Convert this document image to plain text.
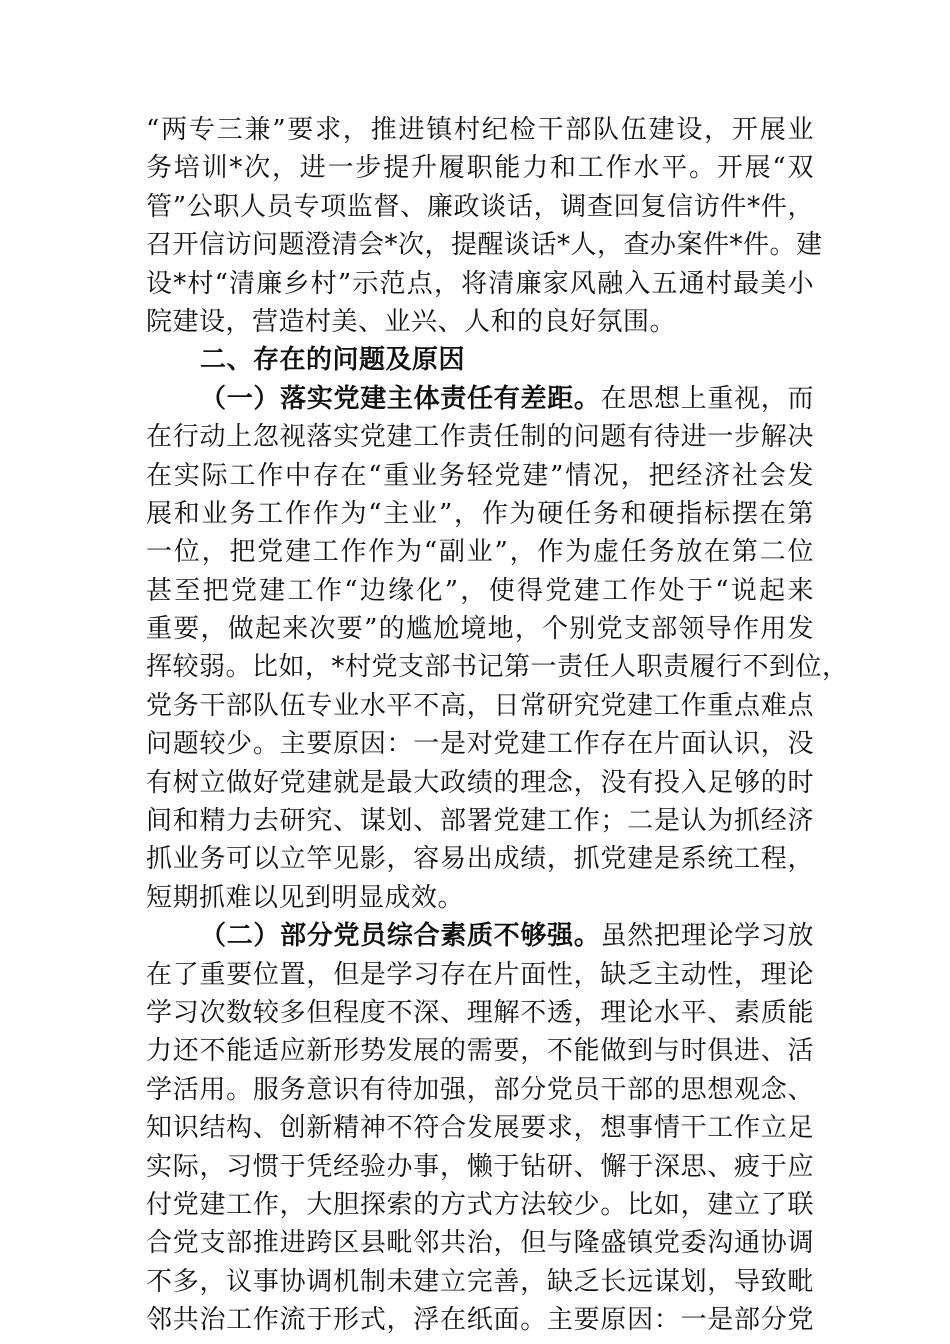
“两专三兼”要求，推进镇村纪检干部队伍建设，开展业
务培训*次，进一步提升履职能力和工作水平。开展“双
管”公职人员专项监督、廉政谈话，调查回复信访件*件，
召开信访问题澄清会*次，提醒谈话*人，查办案件*件。建
设*村“清廉乡村”示范点，将清廉家风融入五通村最美小
院建设，营造村美、业兴、人和的良好氛围。
二、存在的问题及原因
（一）落实党建主体责任有差距。在思想上重视，而
在行动上忽视落实党建工作责任制的问题有待进一步解决
在实际工作中存在“重业务轻党建”情况，把经济社会发
展和业务工作作为“主业”，作为硬任务和硬指标摆在第
一位，把党建工作作为“副业”，作为虚任务放在第二位
甚至把党建工作“边缘化”，使得党建工作处于“说起来
重要，做起来次要”的尴尬境地，个别党支部领导作用发
挥较弱。比如，*村党支部书记第一责任人职责履行不到位，
党务干部队伍专业水平不高，日常研究党建工作重点难点
问题较少。主要原因：一是对党建工作存在片面认识，没
有树立做好党建就是最大政绩的理念，没有投入足够的时
间和精力去研究、谋划、部署党建工作；二是认为抓经济
抓业务可以立竿见影，容易出成绩，抓党建是系统工程，
短期抓难以见到明显成效。
（二）部分党员综合素质不够强。虽然把理论学习放
在了重要位置，但是学习存在片面性，缺乏主动性，理论
学习次数较多但程度不深、理解不透，理论水平、素质能
力还不能适应新形势发展的需要，不能做到与时俱进、活
学活用。服务意识有待加强，部分党员干部的思想观念、
知识结构、创新精神不符合发展要求，想事情干工作立足
实际，习惯于凭经验办事，懒于钻研、懈于深思、疲于应
付党建工作，大胆探索的方式方法较少。比如，建立了联
合党支部推进跨区县毗邻共治，但与隆盛镇党委沟通协调
不多，议事协调机制未建立完善，缺乏长远谋划，导致毗
邻共治工作流于形式，浮在纸面。主要原因：一是部分党
